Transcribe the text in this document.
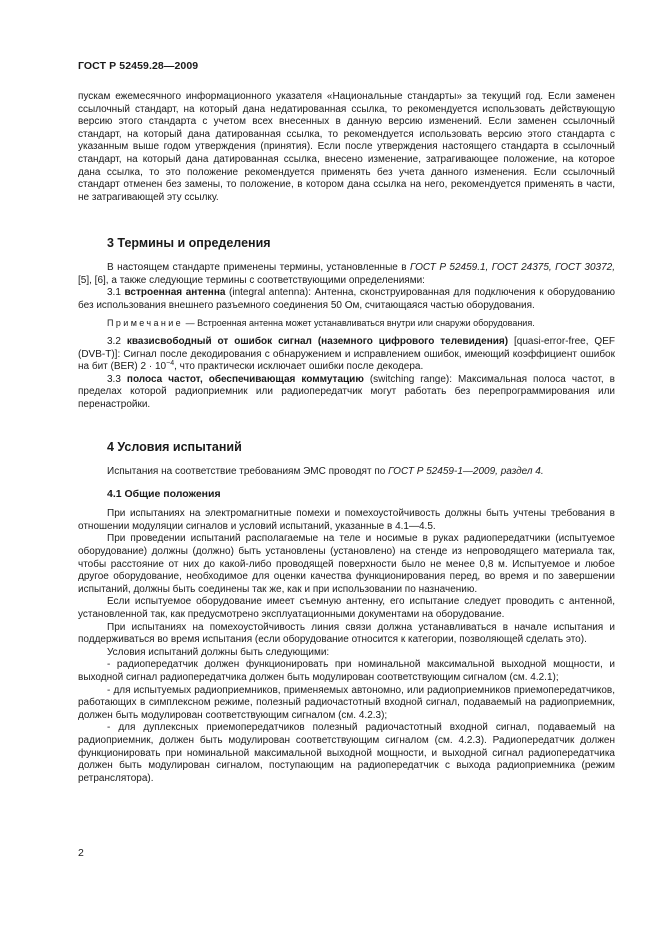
ГОСТ Р 52459.28—2009

пускам ежемесячного информационного указателя «Национальные стандарты» за текущий год. Если заменен ссылочный стандарт, на который дана недатированная ссылка, то рекомендуется использовать действующую версию этого стандарта с учетом всех внесенных в данную версию изменений. Если заменен ссылочный стандарт, на который дана датированная ссылка, то рекомендуется использовать версию этого стандарта с указанным выше годом утверждения (принятия). Если после утверждения настоящего стандарта в ссылочный стандарт, на который дана датированная ссылка, внесено изменение, затрагивающее положение, на которое дана ссылка, то это положение рекомендуется применять без учета данного изменения. Если ссылочный стандарт отменен без замены, то положение, в котором дана ссылка на него, рекомендуется применять в части, не затрагивающей эту ссылку.

3 Термины и определения

В настоящем стандарте применены термины, установленные в ГОСТ Р 52459.1, ГОСТ 24375, ГОСТ 30372, [5], [6], а также следующие термины с соответствующими определениями:

3.1 встроенная антенна (integral antenna): Антенна, сконструированная для подключения к оборудованию без использования внешнего разъемного соединения 50 Ом, считающаяся частью оборудования.

Примечание — Встроенная антенна может устанавливаться внутри или снаружи оборудования.

3.2 квазисвободный от ошибок сигнал (наземного цифрового телевидения) [quasi-error-free, QEF (DVB-T)]: Сигнал после декодирования с обнаружением и исправлением ошибок, имеющий коэффициент ошибок на бит (BER) $2 \cdot 10^{-4}$, что практически исключает ошибки после декодера.

3.3 полоса частот, обеспечивающая коммутацию (switching range): Максимальная полоса частот, в пределах которой радиоприемник или радиопередатчик могут работать без перепрограммирования или перенастройки.

4 Условия испытаний

Испытания на соответствие требованиям ЭМС проводят по ГОСТ Р 52459-1—2009, раздел 4.

4.1 Общие положения

При испытаниях на электромагнитные помехи и помехоустойчивость должны быть учтены требования в отношении модуляции сигналов и условий испытаний, указанные в 4.1—4.5.

При проведении испытаний располагаемые на теле и носимые в руках радиопередатчики (испытуемое оборудование) должны (должно) быть установлены (установлено) на стенде из непроводящего материала так, чтобы расстояние от них до какой-либо проводящей поверхности было не менее 0,8 м. Испытуемое и любое другое оборудование, необходимое для оценки качества функционирования перед, во время и по завершении испытаний, должны быть соединены так же, как и при использовании по назначению.

Если испытуемое оборудование имеет съемную антенну, его испытание следует проводить с антенной, установленной так, как предусмотрено эксплуатационными документами на оборудование.

При испытаниях на помехоустойчивость линия связи должна устанавливаться в начале испытания и поддерживаться во время испытания (если оборудование относится к категории, позволяющей сделать это).

Условия испытаний должны быть следующими:

- радиопередатчик должен функционировать при номинальной максимальной выходной мощности, и выходной сигнал радиопередатчика должен быть модулирован соответствующим сигналом (см. 4.2.1);

- для испытуемых радиоприемников, применяемых автономно, или радиоприемников приемопередатчиков, работающих в симплексном режиме, полезный радиочастотный входной сигнал, подаваемый на радиоприемник, должен быть модулирован соответствующим сигналом (см. 4.2.3);

- для дуплексных приемопередатчиков полезный радиочастотный входной сигнал, подаваемый на радиоприемник, должен быть модулирован соответствующим сигналом (см. 4.2.3). Радиопередатчик должен функционировать при номинальной максимальной выходной мощности, и выходной сигнал радиопередатчика должен быть модулирован сигналом, поступающим на радиопередатчик с выхода радиоприемника (режим ретранслятора).

2
